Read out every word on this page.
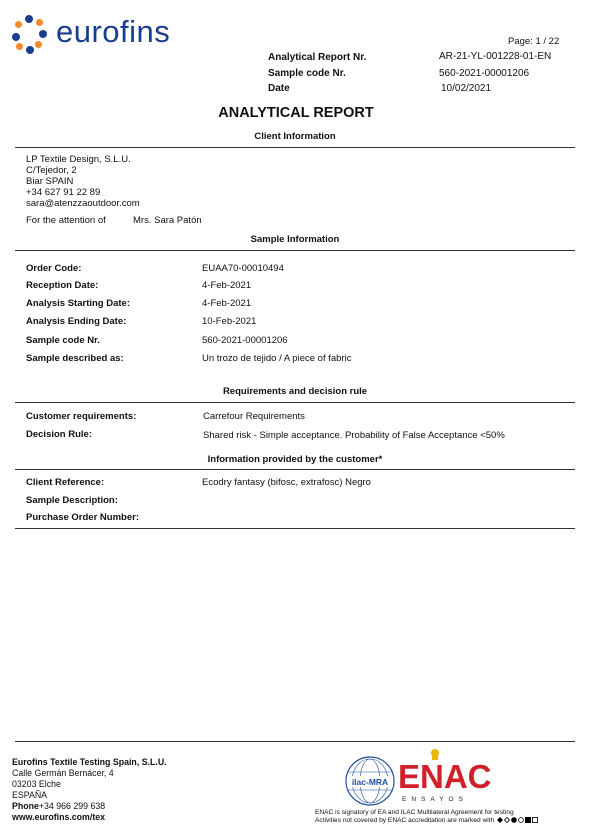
eurofins	Page: 1 / 22
Analytical Report Nr.	AR-21-YL-001228-01-EN
Sample code Nr.	560-2021-00001206
Date	10/02/2021
ANALYTICAL REPORT
Client Information
LP Textile Design, S.L.U.
C/Tejedor, 2
Biar SPAIN
+34 627 91 22 89
sara@atenzzaoutdoor.com
For the attention of	Mrs. Sara Patón
Sample Information
Order Code:	EUAA70-00010494
Reception Date:	4-Feb-2021
Analysis Starting Date:	4-Feb-2021
Analysis Ending Date:	10-Feb-2021
Sample code Nr.	560-2021-00001206
Sample described as:	Un trozo de tejido / A piece of fabric
Requirements and decision rule
Customer requirements:	Carrefour Requirements
Decision Rule:	Shared risk - Simple acceptance. Probability of False Acceptance <50%
Information provided by the customer*
Client Reference:	Ecodry fantasy (bifosc, extrafosc) Negro
Sample Description:
Purchase Order Number:
Eurofins Textile Testing Spain, S.L.U.
Calle Germán Bernácer, 4
03203 Elche
ESPAÑA
Phone+34 966 299 638
www.eurofins.com/tex
ilac-MRA ENAC
ENSAYOS
ENAC is signatory of EA and ILAC Multilateral Agreement for testing
Activities not covered by ENAC accreditation are marked with
